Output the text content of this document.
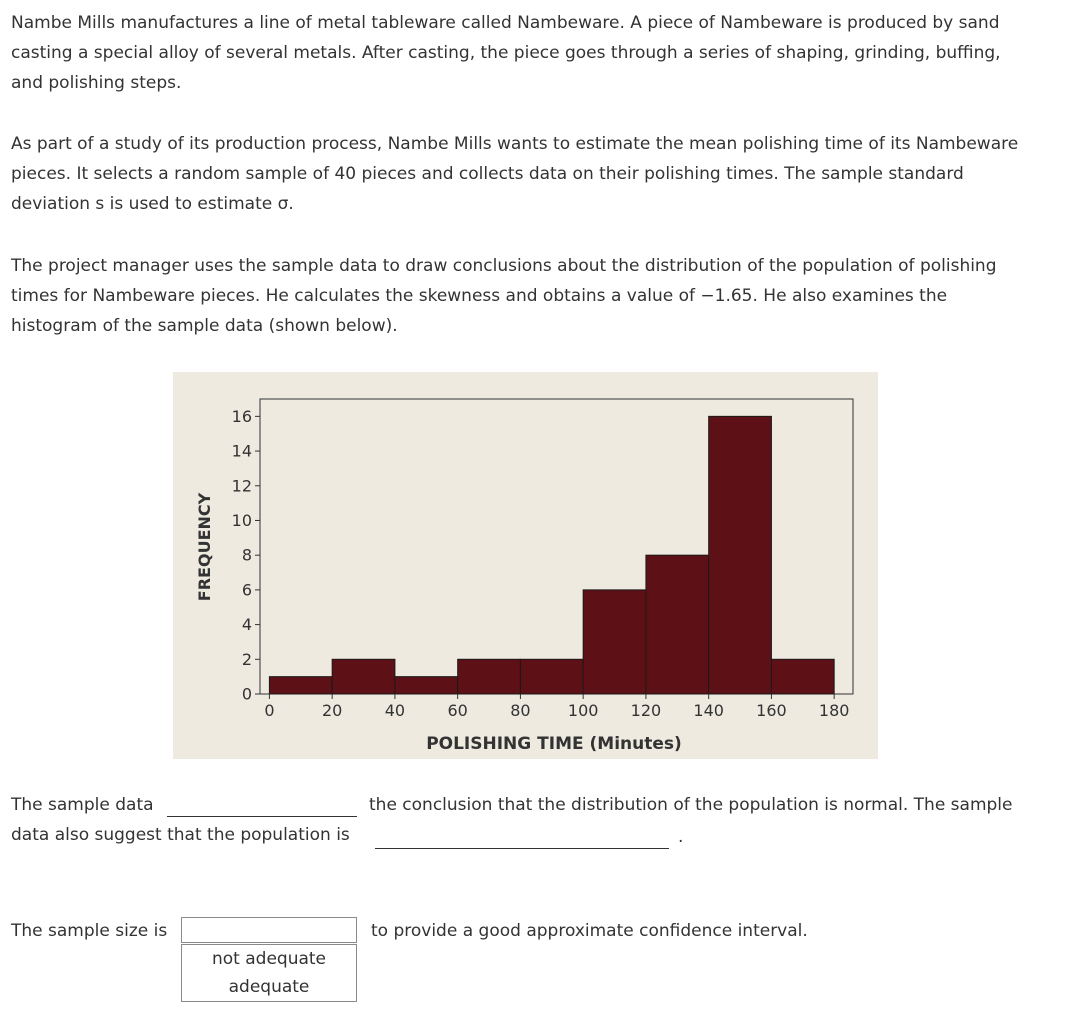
Nambe Mills manufactures a line of metal tableware called Nambeware. A piece of Nambeware is produced by sand

casting a special alloy of several metals. After casting, the piece goes through a series of shaping, grinding, buffing,

and polishing steps.

As part of a study of its production process, Nambe Mills wants to estimate the mean polishing time of its Nambeware

pieces. It selects a random sample of 40 pieces and collects data on their polishing times. The sample standard

deviation s is used to estimate σ.

The project manager uses the sample data to draw conclusions about the distribution of the population of polishing

times for Nambeware pieces. He calculates the skewness and obtains a value of −1.65. He also examines the

histogram of the sample data (shown below).

0
2
4
6
8
10
12
14
16
0	20	40	60	80 100 120 140 160 180
POLISHING TIME (Minutes)
FREQUENCY
The sample data	the conclusion that the distribution of the population is normal. The sample
data also suggest that the population is	.
The sample size is
not adequate
adequate
to provide a good approximate confidence interval.
